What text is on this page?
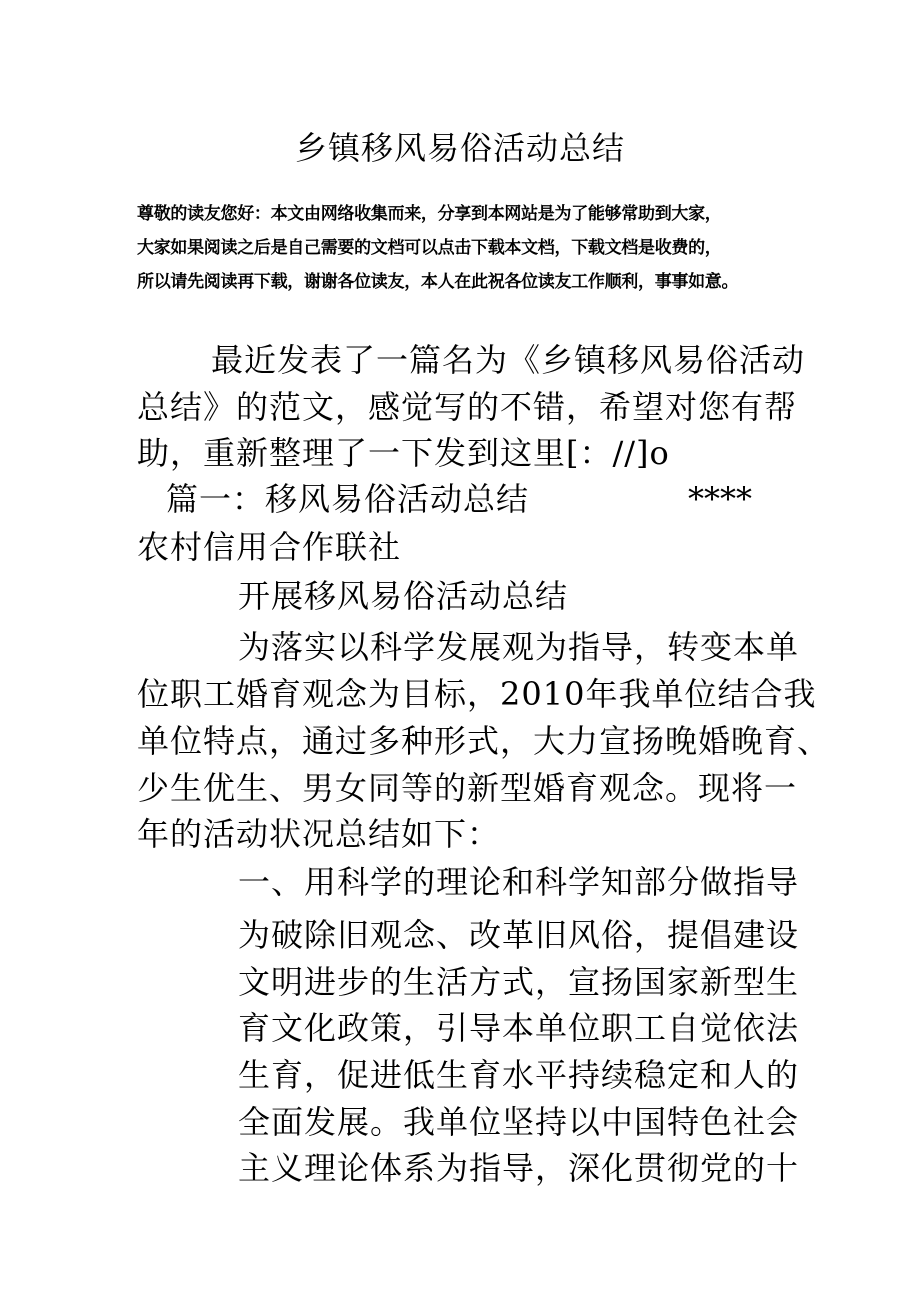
乡镇移风易俗活动总结
尊敬的读友您好：本文由网络收集而来，分享到本网站是为了能够常助到大家，
大家如果阅读之后是自己需要的文档可以点击下载本文档，下载文档是收费的，
所以请先阅读再下载，谢谢各位读友，本人在此祝各位读友工作顺利，事事如意。
最近发表了一篇名为《乡镇移风易俗活动
总结》的范文，感觉写的不错，希望对您有帮
助，重新整理了一下发到这里[：//]o
篇一：移风易俗活动总结	****
农村信用合作联社
开展移风易俗活动总结
为落实以科学发展观为指导，转变本单
位职工婚育观念为目标，2010年我单位结合我
单位特点，通过多种形式，大力宣扬晚婚晚育、
少生优生、男女同等的新型婚育观念。现将一
年的活动状况总结如下：
一、用科学的理论和科学知部分做指导
为破除旧观念、改革旧风俗，提倡建设
文明进步的生活方式，宣扬国家新型生
育文化政策，引导本单位职工自觉依法
生育，促进低生育水平持续稳定和人的
全面发展。我单位坚持以中国特色社会
主义理论体系为指导，深化贯彻党的十
